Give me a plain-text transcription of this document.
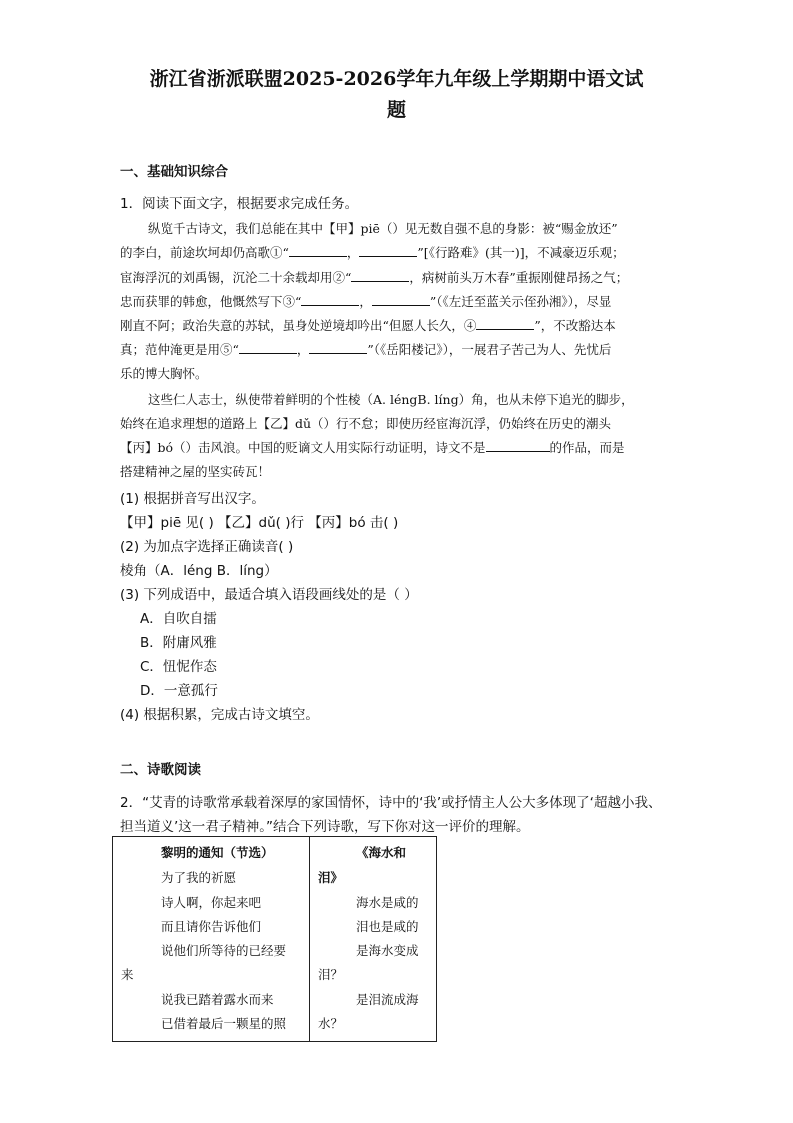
浙江省浙派联盟2025-2026学年九年级上学期期中语文试
题
一、基础知识综合
1．阅读下面文字，根据要求完成任务。
纵览千古诗文，我们总能在其中【甲】piē（）见无数自强不息的身影：被“赐金放还”
的李白，前途坎坷却仍高歌①“	，	”[《行路难》(其一)]，不减豪迈乐观；
宦海浮沉的刘禹锡，沉沦二十余载却用②“	，病树前头万木春”重振刚健昂扬之气；
忠而获罪的韩愈，他慨然写下③“	，	”（《左迁至蓝关示侄孙湘》），尽显
刚直不阿；政治失意的苏轼，虽身处逆境却吟出“但愿人长久，④	”，不改豁达本
真；范仲淹更是用⑤“	，	”（《岳阳楼记》），一展君子苦己为人、先忧后
乐的博大胸怀。
这些仁人志士，纵使带着鲜明的个性棱（A. léngB. líng）角，也从未停下追光的脚步，
始终在追求理想的道路上【乙】dǔ（）行不怠；即使历经宦海沉浮，仍始终在历史的潮头
【丙】bó（）击风浪。中国的贬谪文人用实际行动证明，诗文不是	的作品，而是
搭建精神之屋的坚实砖瓦！
(1) 根据拼音写出汉字。
【甲】piē 见( ) 【乙】dǔ( )行 【丙】bó 击( )
(2) 为加点字选择正确读音( )
棱角（A．léng B．líng）
(3) 下列成语中，最适合填入语段画线处的是（ ）
A．自吹自擂
B．附庸风雅
C．忸怩作态
D．一意孤行
(4) 根据积累，完成古诗文填空。
二、诗歌阅读
2．“艾青的诗歌常承载着深厚的家国情怀，诗中的‘我’或抒情主人公大多体现了‘超越小我、
担当道义’这一君子精神。”结合下列诗歌，写下你对这一评价的理解。
黎明的通知（节选）
为了我的祈愿
诗人啊，你起来吧
而且请你告诉他们
说他们所等待的已经要
来
说我已踏着露水而来
已借着最后一颗星的照

《海水和
泪》
海水是咸的
泪也是咸的
是海水变成
泪？
是泪流成海
水？
